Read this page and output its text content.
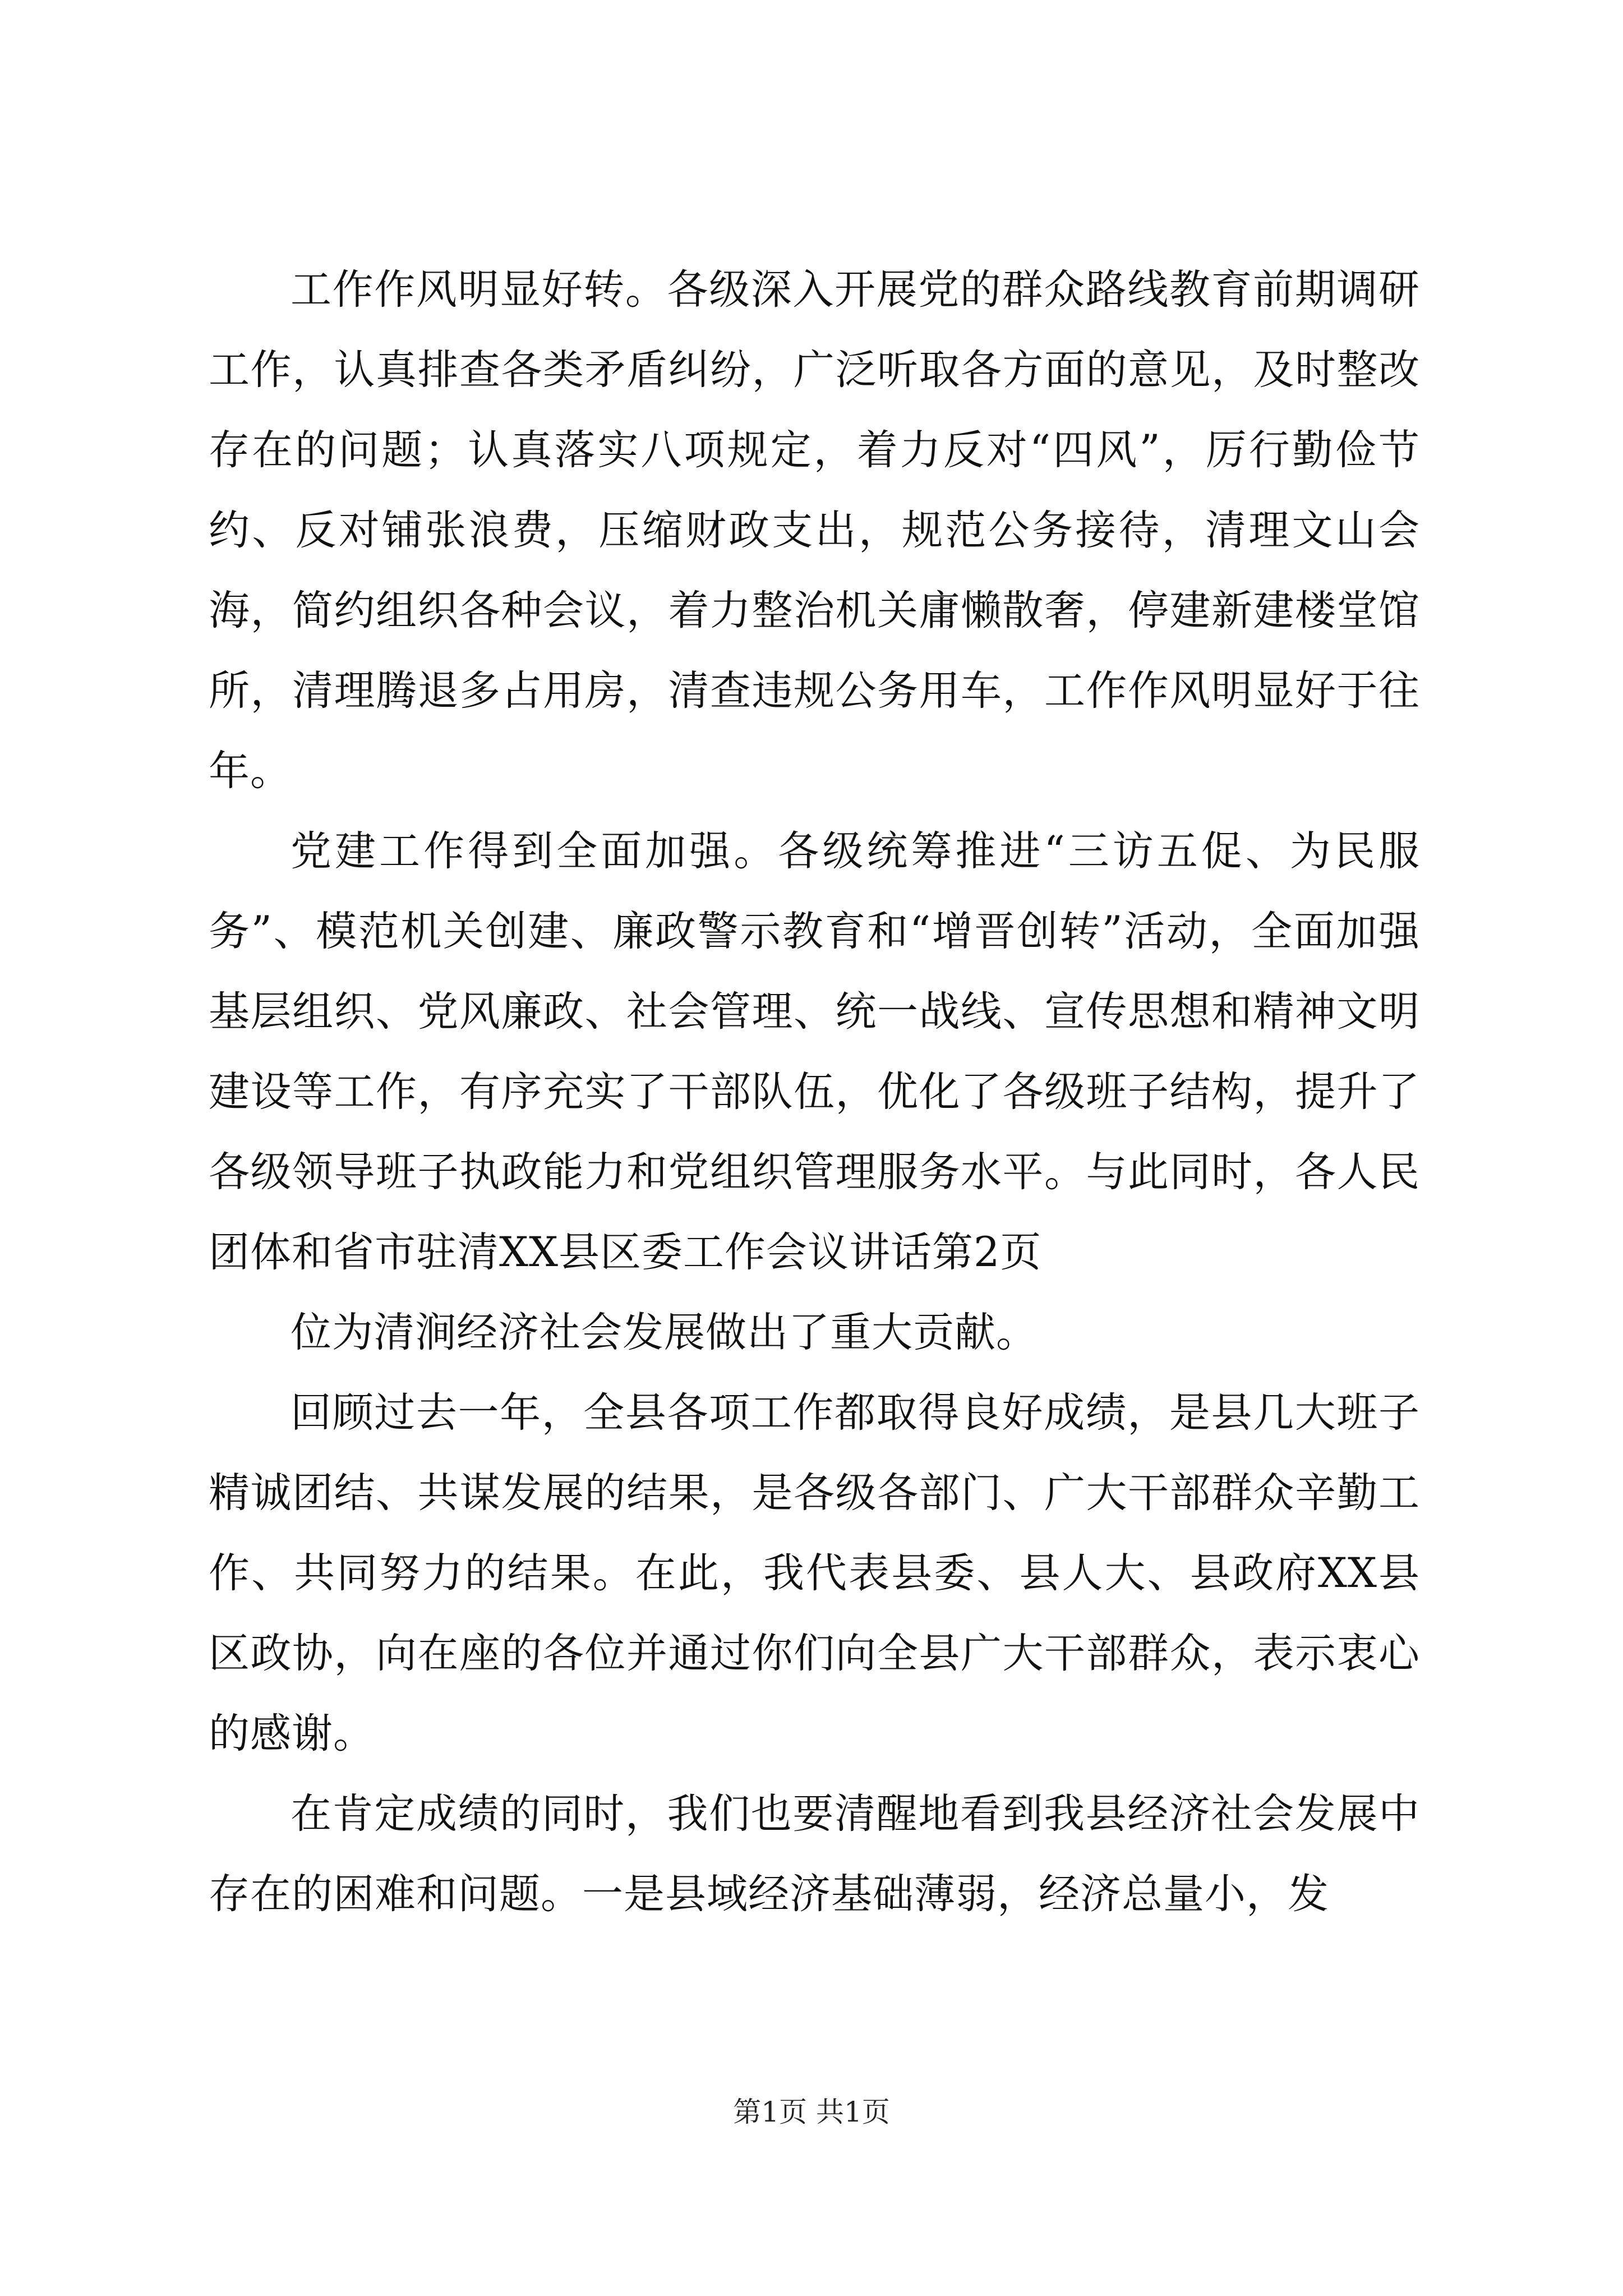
工作作风明显好转。各级深入开展党的群众路线教育前期调研工作，认真排查各类矛盾纠纷，广泛听取各方面的意见，及时整改存在的问题；认真落实八项规定，着力反对“四风”，厉行勤俭节约、反对铺张浪费，压缩财政支出，规范公务接待，清理文山会海，简约组织各种会议，着力整治机关庸懒散奢，停建新建楼堂馆所，清理腾退多占用房，清查违规公务用车，工作作风明显好于往年。

党建工作得到全面加强。各级统筹推进“三访五促、为民服务”、模范机关创建、廉政警示教育和“增晋创转”活动，全面加强基层组织、党风廉政、社会管理、统一战线、宣传思想和精神文明建设等工作，有序充实了干部队伍，优化了各级班子结构，提升了各级领导班子执政能力和党组织管理服务水平。与此同时，各人民团体和省市驻清XX县区委工作会议讲话第2页

位为清涧经济社会发展做出了重大贡献。

回顾过去一年，全县各项工作都取得良好成绩，是县几大班子精诚团结、共谋发展的结果，是各级各部门、广大干部群众辛勤工作、共同努力的结果。在此，我代表县委、县人大、县政府XX县区政协，向在座的各位并通过你们向全县广大干部群众，表示衷心的感谢。

在肯定成绩的同时，我们也要清醒地看到我县经济社会发展中存在的困难和问题。一是县域经济基础薄弱，经济总量小，发

第1页 共1页
